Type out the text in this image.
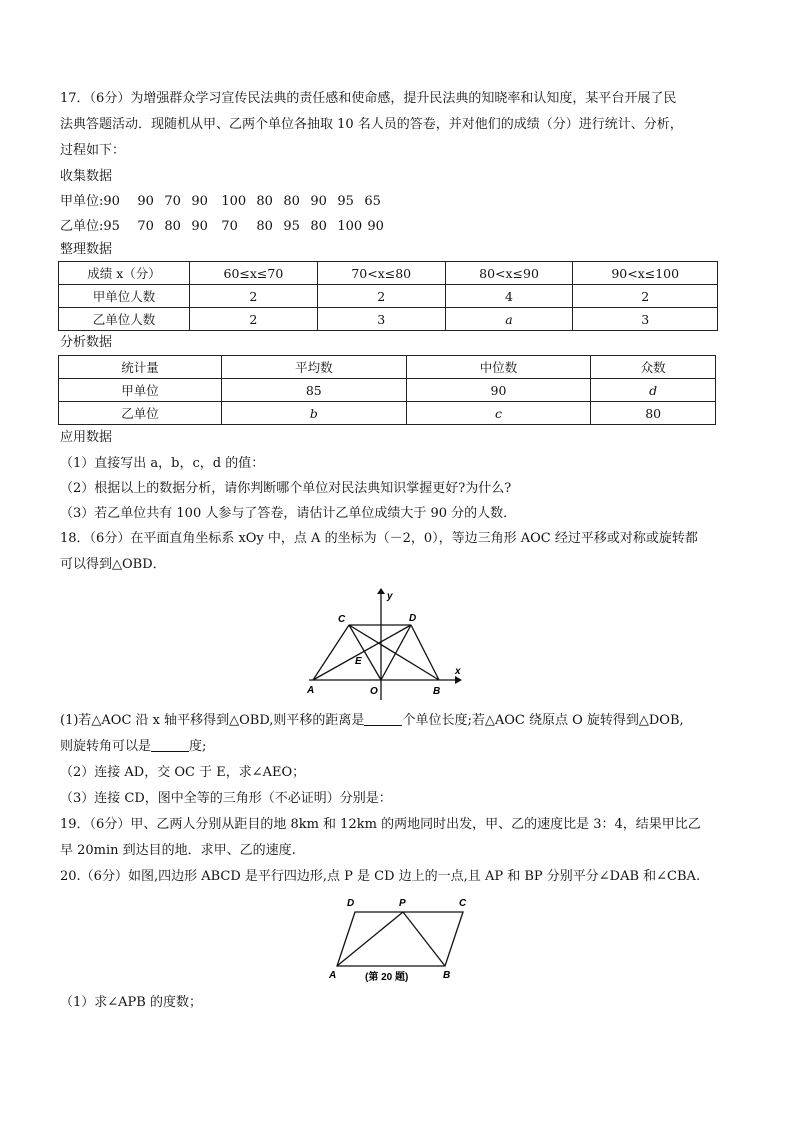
17．（6分）为增强群众学习宣传民法典的责任感和使命感，提升民法典的知晓率和认知度，某平台开展了民
法典答题活动．现随机从甲、乙两个单位各抽取 10 名人员的答卷，并对他们的成绩（分）进行统计、分析，
过程如下：
收集数据
甲单位:90 90 70 90 100 80 80 90 95 65
乙单位:95 70 80 90 70 80 95 80 100 90
整理数据
成绩 x（分）	60≤x≤70	70<x≤80	80<x≤90	90<x≤100
甲单位人数	2	2	4	2
乙单位人数	2	3	a	3
分析数据
统计量	平均数	中位数	众数
甲单位	85	90	d
乙单位	b	c	80
应用数据
（1）直接写出 a，b，c，d 的值：
（2）根据以上的数据分析，请你判断哪个单位对民法典知识掌握更好?为什么?
（3）若乙单位共有 100 人参与了答卷，请估计乙单位成绩大于 90 分的人数．
18．（6分）在平面直角坐标系 xOy 中，点 A 的坐标为（－2，0），等边三角形 AOC 经过平移或对称或旋转都
可以得到△OBD．
y
x
C	D
E
A	O	B
(1)若△AOC 沿 x 轴平移得到△OBD,则平移的距离是	个单位长度;若△AOC 绕原点 O 旋转得到△DOB,
则旋转角可以是	度;
（2）连接 AD，交 OC 于 E，求∠AEO；
（3）连接 CD，图中全等的三角形（不必证明）分别是：
19．（6分）甲、乙两人分别从距目的地 8km 和 12km 的两地同时出发，甲、乙的速度比是 3：4，结果甲比乙
早 20min 到达目的地．求甲、乙的速度.
20.（6分）如图,四边形 ABCD 是平行四边形,点 P 是 CD 边上的一点,且 AP 和 BP 分别平分∠DAB 和∠CBA.
D	P	C
A	B
(第 20 题)
（1）求∠APB 的度数；
